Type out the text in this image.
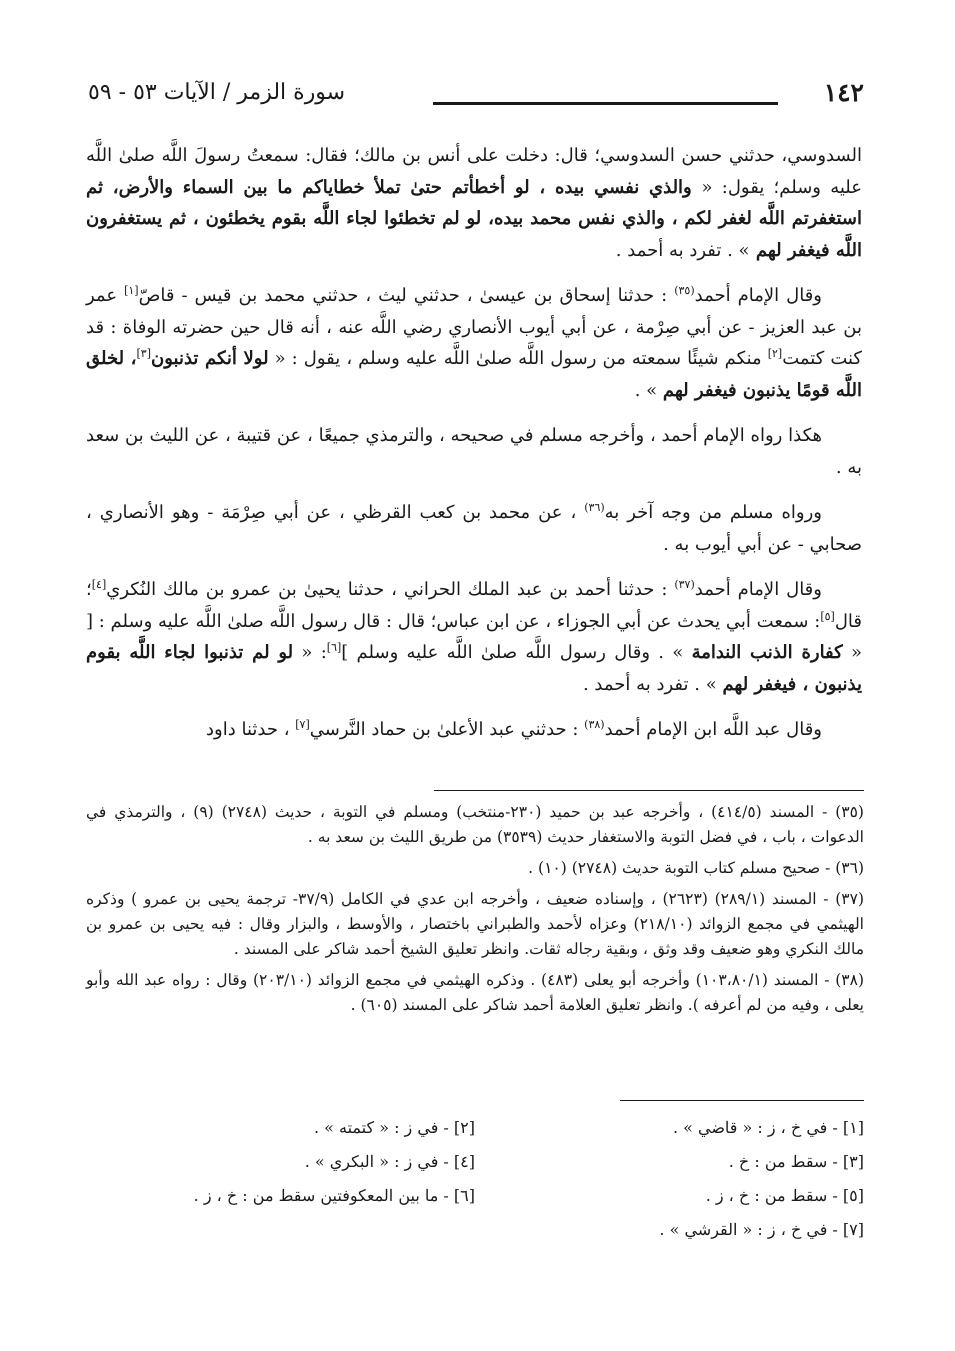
١٤٢
سورة الزمر / الآيات ٥٣ - ٥٩

السدوسي، حدثني حسن السدوسي؛ قال: دخلت على أنس بن مالك؛ فقال: سمعتُ رسولَ اللَّه صلىٰ اللَّه عليه وسلم؛ يقول: « والذي نفسي بيده ، لو أخطأتم حتىٰ تملأ خطاياكم ما بين السماء والأرض، ثم استغفرتم اللَّه لغفر لكم ، والذي نفس محمد بيده، لو لم تخطئوا لجاء اللَّه بقوم يخطئون ، ثم يستغفرون اللَّه فيغفر لهم » . تفرد به أحمد .

وقال الإمام أحمد$^{(٣٥)}$ : حدثنا إسحاق بن عيسىٰ ، حدثني ليث ، حدثني محمد بن قيس - قاصّ[١] عمر بن عبد العزيز - عن أبي صِرْمة ، عن أبي أيوب الأنصاري رضي اللَّه عنه ، أنه قال حين حضرته الوفاة : قد كنت كتمت[٢] منكم شيئًا سمعته من رسول اللَّه صلىٰ اللَّه عليه وسلم ، يقول : « لولا أنكم تذنبون[٣]، لخلق اللَّه قومًا يذنبون فيغفر لهم » .

هكذا رواه الإمام أحمد ، وأخرجه مسلم في صحيحه ، والترمذي جميعًا ، عن قتيبة ، عن الليث بن سعد به .

ورواه مسلم من وجه آخر به$^{(٣٦)}$ ، عن محمد بن كعب القرظي ، عن أبي صِرْمَة - وهو الأنصاري ، صحابي - عن أبي أيوب به .

وقال الإمام أحمد$^{(٣٧)}$ : حدثنا أحمد بن عبد الملك الحراني ، حدثنا يحيىٰ بن عمرو بن مالك النُكري[٤]؛ قال[٥]: سمعت أبي يحدث عن أبي الجوزاء ، عن ابن عباس؛ قال : قال رسول اللَّه صلىٰ اللَّه عليه وسلم : [ « كفارة الذنب الندامة » . وقال رسول اللَّه صلىٰ اللَّه عليه وسلم ][٦]: « لو لم تذنبوا لجاء اللَّه بقوم يذنبون ، فيغفر لهم » . تفرد به أحمد .

وقال عبد اللَّه ابن الإمام أحمد$^{(٣٨)}$ : حدثني عبد الأعلىٰ بن حماد النَّرسي[٧] ، حدثنا داود

(٣٥) - المسند (٤١٤/٥) ، وأخرجه عبد بن حميد (٢٣٠-منتخب) ومسلم في التوبة ، حديث (٢٧٤٨) (٩) ، والترمذي في الدعوات ، باب ، في فضل التوبة والاستغفار حديث (٣٥٣٩) من طريق الليث بن سعد به .

(٣٦) - صحيح مسلم كتاب التوبة حديث (٢٧٤٨) (١٠) .

(٣٧) - المسند (٢٨٩/١) (٢٦٢٣) ، وإسناده ضعيف ، وأخرجه ابن عدي في الكامل (٣٧/٩- ترجمة يحيى بن عمرو ) وذكره الهيثمي في مجمع الزوائد (٢١٨/١٠) وعزاه لأحمد والطبراني باختصار ، والأوسط ، والبزار وقال : فيه يحيى بن عمرو بن مالك النكري وهو ضعيف وقد وثق ، وبقية رجاله ثقات. وانظر تعليق الشيخ أحمد شاكر على المسند .

(٣٨) - المسند (١٠٣،٨٠/١) وأخرجه أبو يعلى (٤٨٣) . وذكره الهيثمي في مجمع الزوائد (٢٠٣/١٠) وقال : رواه عبد الله وأبو يعلى ، وفيه من لم أعرفه ). وانظر تعليق العلامة أحمد شاكر على المسند (٦٠٥) .

[١] - في خ ، ز : « قاضي » .
[٢] - في ز : « كتمته » .
[٣] - سقط من : خ .
[٤] - في ز : « البكري » .
[٥] - سقط من : خ ، ز .
[٦] - ما بين المعكوفتين سقط من : خ ، ز .
[٧] - في خ ، ز : « القرشي » .
